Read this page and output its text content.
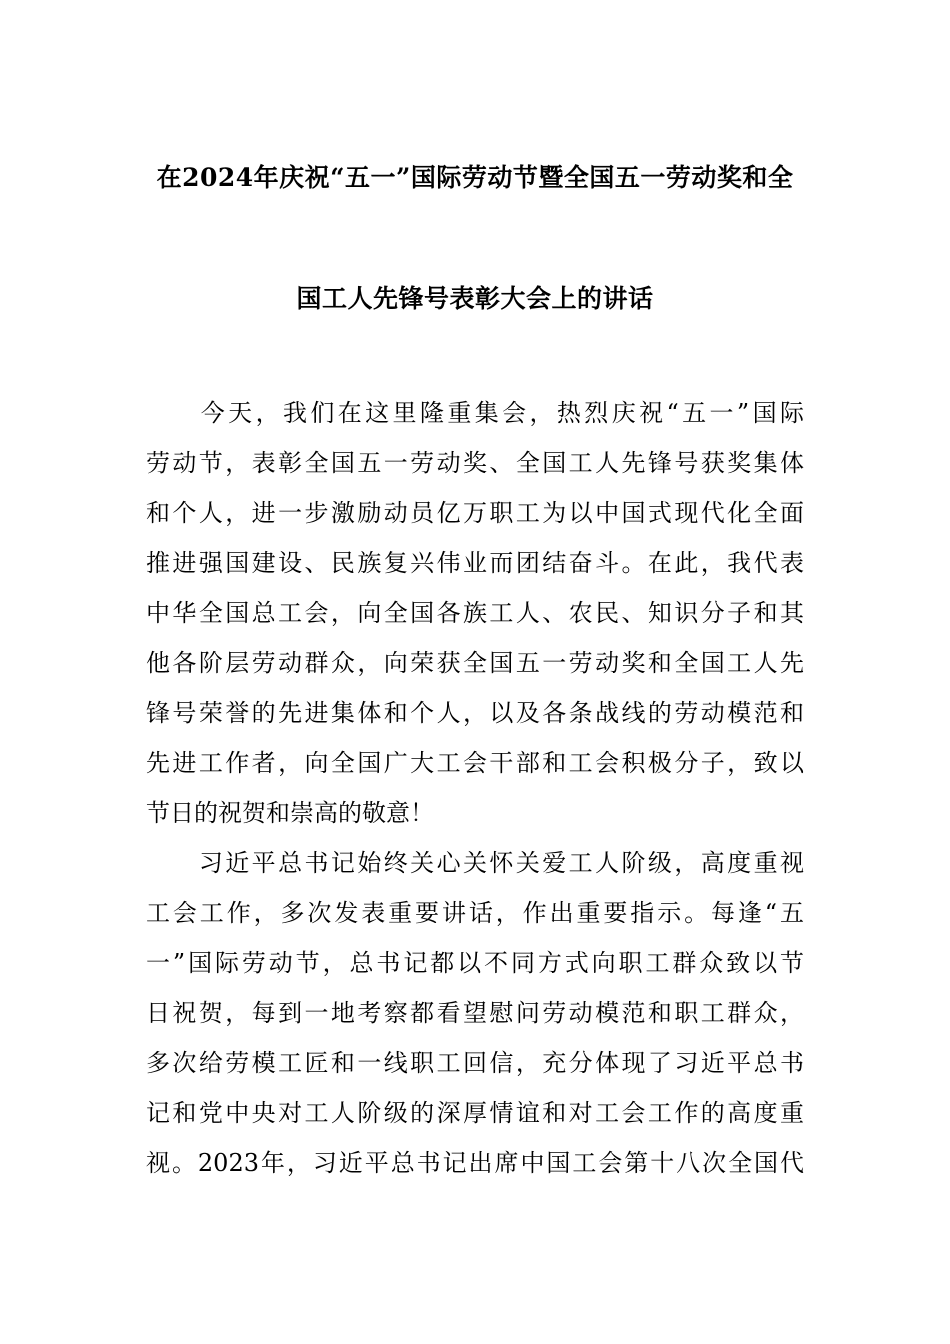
在2024年庆祝“五一”国际劳动节暨全国五一劳动奖和全
国工人先锋号表彰大会上的讲话
　　今天，我们在这里隆重集会，热烈庆祝“五一”国际
劳动节，表彰全国五一劳动奖、全国工人先锋号获奖集体
和个人，进一步激励动员亿万职工为以中国式现代化全面
推进强国建设、民族复兴伟业而团结奋斗。在此，我代表
中华全国总工会，向全国各族工人、农民、知识分子和其
他各阶层劳动群众，向荣获全国五一劳动奖和全国工人先
锋号荣誉的先进集体和个人，以及各条战线的劳动模范和
先进工作者，向全国广大工会干部和工会积极分子，致以
节日的祝贺和崇高的敬意！
　　习近平总书记始终关心关怀关爱工人阶级，高度重视
工会工作，多次发表重要讲话，作出重要指示。每逢“五
一”国际劳动节，总书记都以不同方式向职工群众致以节
日祝贺，每到一地考察都看望慰问劳动模范和职工群众，
多次给劳模工匠和一线职工回信，充分体现了习近平总书
记和党中央对工人阶级的深厚情谊和对工会工作的高度重
视。2023年，习近平总书记出席中国工会第十八次全国代
